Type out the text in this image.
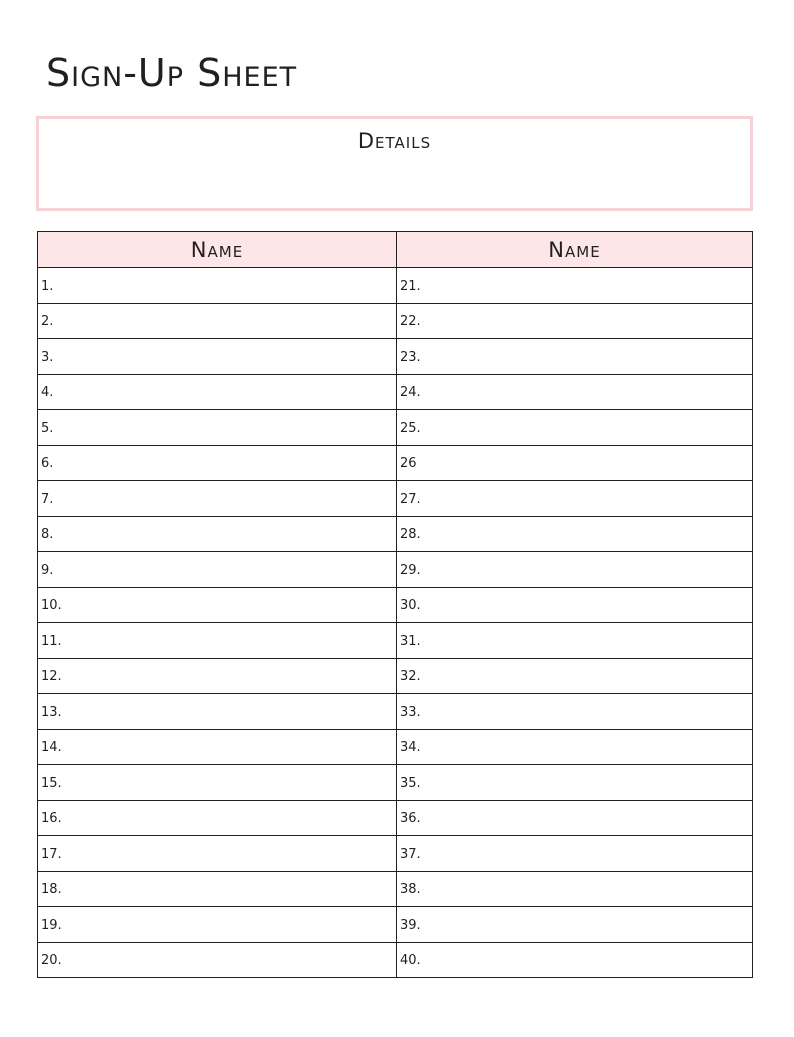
Sign-Up Sheet
Details
Name	Name
1.	21.
2.	22.
3.	23.
4.	24.
5.	25.
6.	26
7.	27.
8.	28.
9.	29.
10.	30.
11.	31.
12.	32.
13.	33.
14.	34.
15.	35.
16.	36.
17.	37.
18.	38.
19.	39.
20.	40.
